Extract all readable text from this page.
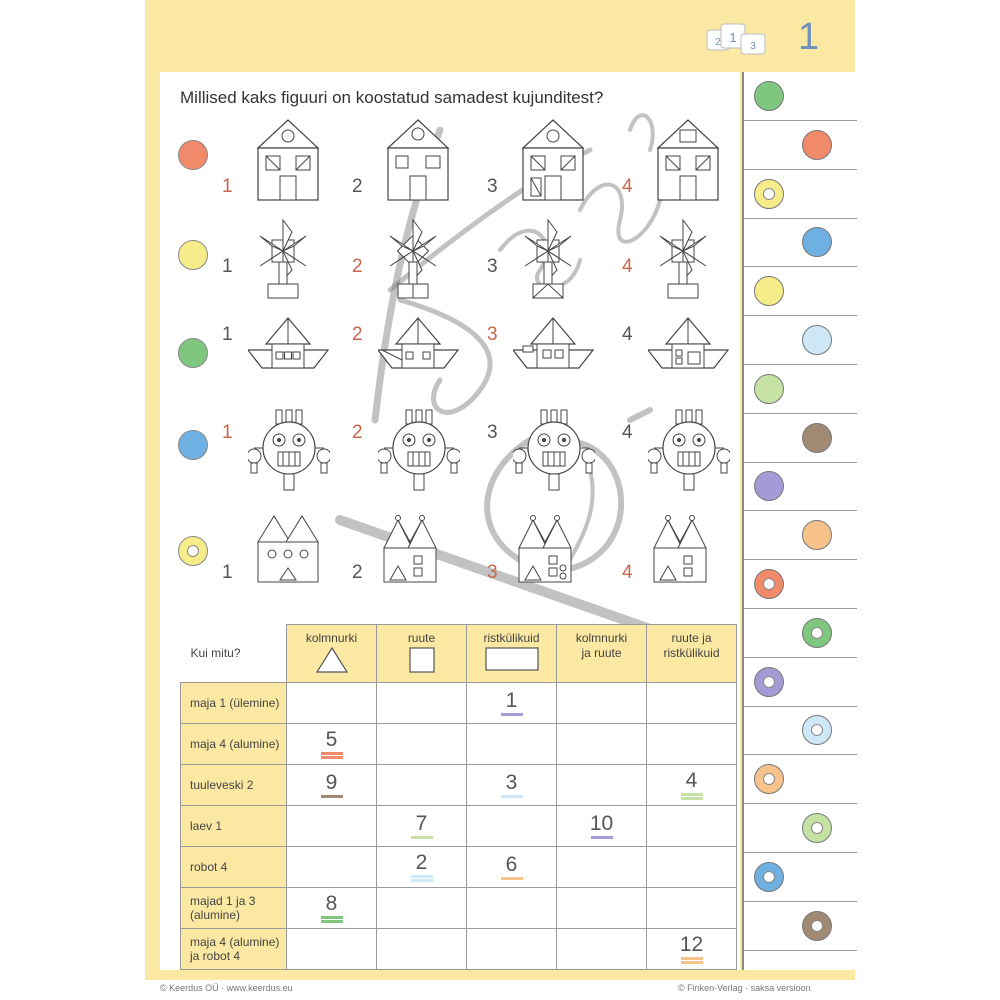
2 1
3 1
Millised kaks figuuri on koostatud samadest kujunditest?
Kui mitu?	kolmnurki	ruute	ristkülikuid	kolmnurki ja ruute	ruute ja ristkülikuid

maja 1 (ülemine)			1		

maja 4 (alumine)	5				

tuuleveski 2	9		3		4

laev 1		7		10	

robot 4		2	6		

majad 1 ja 3 (alumine)	8				

maja 4 (alumine) ja robot 4					12
© Keerdus OÜ · www.keerdus.eu	© Finken-Verlag · saksa versioon
1	2	3	4
1	2	3	4
1	2	3	4
1	2	3	4
1	2	3	4
